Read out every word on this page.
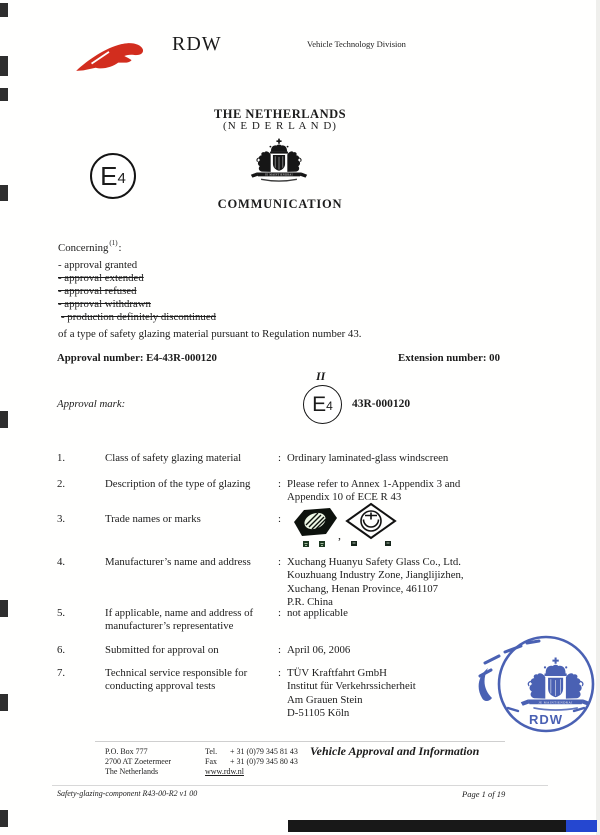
RDW	Vehicle Technology Division
THE NETHERLANDS
(N E D E R L A N D)
E 4
COMMUNICATION
Concerning$^{(1)}$:
- approval granted
- approval extended
- approval refused
- approval withdrawn
- production definitely discontinued
of a type of safety glazing material pursuant to Regulation number 43.
Approval number: E4-43R-000120	Extension number: 00
Approval mark:
II
E 4 43R-000120
1.	Class of safety glazing material	: Ordinary laminated-glass windscreen
2.	Description of the type of glazing	: Please refer to Annex 1-Appendix 3 and
Appendix 10 of ECE R 43
3.	Trade names or marks	:
,
4.	Manufacturer’s name and address	: Xuchang Huanyu Safety Glass Co., Ltd.
Kouzhuang Industry Zone, Jianglijizhen,
Xuchang, Henan Province, 461107
P.R. China
5.	If applicable, name and address of
manufacturer’s representative
: not applicable
6.	Submitted for approval on	: April 06, 2006
7.	Technical service responsible for
conducting approval tests
: TÜV Kraftfahrt GmbH
Institut für Verkehrssicherheit
Am Grauen Stein
D-51105 Köln	RDW
P.O. Box 777
2700 AT Zoetermeer
The Netherlands
Tel.
Fax
www.rdw.nl
+ 31 (0)79 345 81 43
+ 31 (0)79 345 80 43
Vehicle Approval and Information
Safety-glazing-component R43-00-R2 v1 00	Page 1 of 19
